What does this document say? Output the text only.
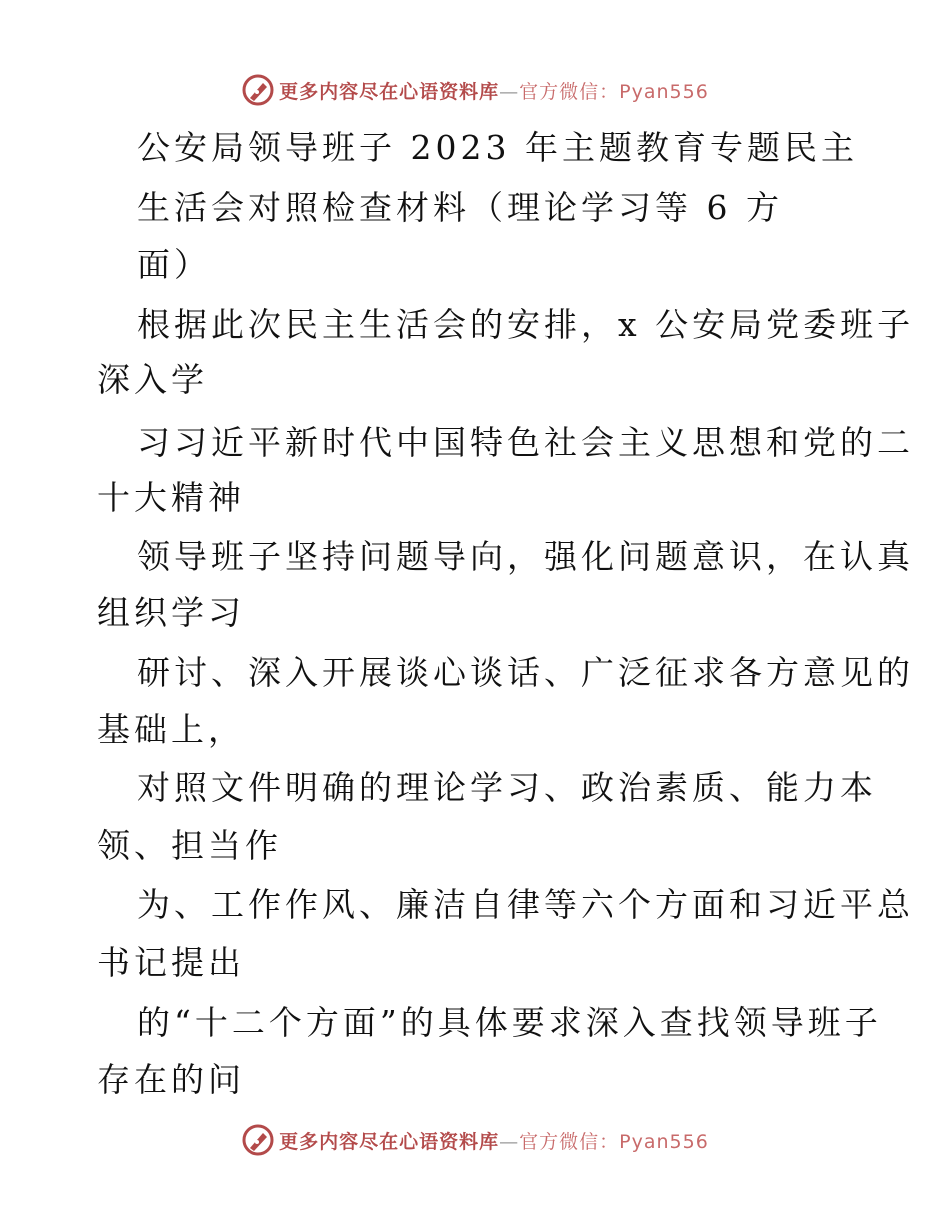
更多内容尽在心语资料库—官方微信：Pyan556
公安局领导班子 2023 年主题教育专题民主
生活会对照检查材料（理论学习等 6 方
面）
根据此次民主生活会的安排，x 公安局党委班子
深入学
习习近平新时代中国特色社会主义思想和党的二
十大精神
领导班子坚持问题导向，强化问题意识，在认真
组织学习
研讨、深入开展谈心谈话、广泛征求各方意见的
基础上，
对照文件明确的理论学习、政治素质、能力本
领、担当作
为、工作作风、廉洁自律等六个方面和习近平总
书记提出
的“十二个方面”的具体要求深入查找领导班子
存在的问
更多内容尽在心语资料库—官方微信：Pyan556
